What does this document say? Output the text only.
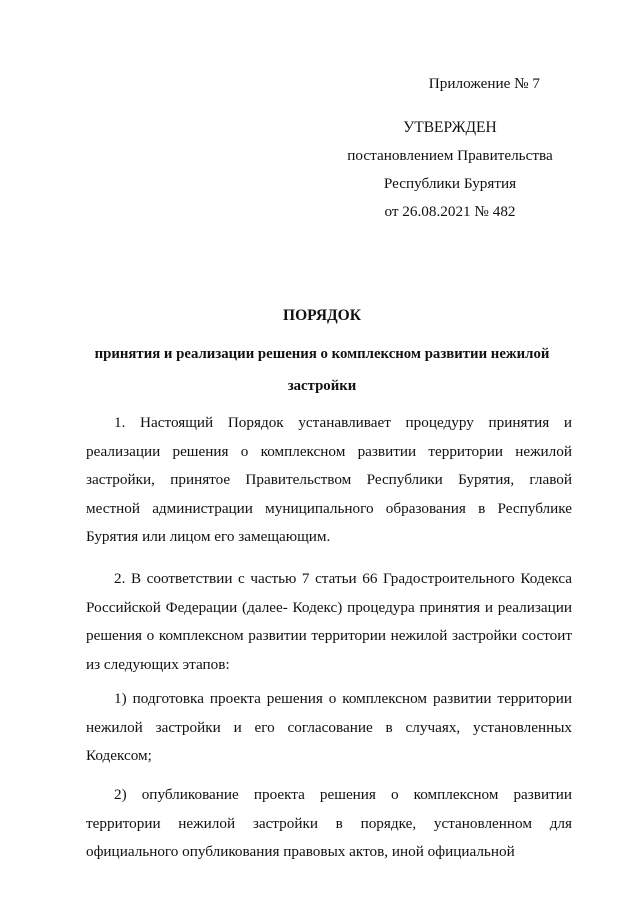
Приложение № 7
УТВЕРЖДЕН
постановлением Правительства
Республики Бурятия
от 26.08.2021 № 482
ПОРЯДОК
принятия и реализации решения о комплексном развитии нежилой застройки

1. Настоящий Порядок устанавливает процедуру принятия и реализации решения о комплексном развитии территории нежилой застройки, принятое Правительством Республики Бурятия, главой местной администрации муниципального образования в Республике Бурятия или лицом его замещающим.

2. В соответствии с частью 7 статьи 66 Градостроительного Кодекса Российской Федерации (далее- Кодекс) процедура принятия и реализации решения о комплексном развитии территории нежилой застройки состоит из следующих этапов:

1) подготовка проекта решения о комплексном развитии территории нежилой застройки и его согласование в случаях, установленных Кодексом;

2) опубликование проекта решения о комплексном развитии территории нежилой застройки в порядке, установленном для официального опубликования правовых актов, иной официальной
